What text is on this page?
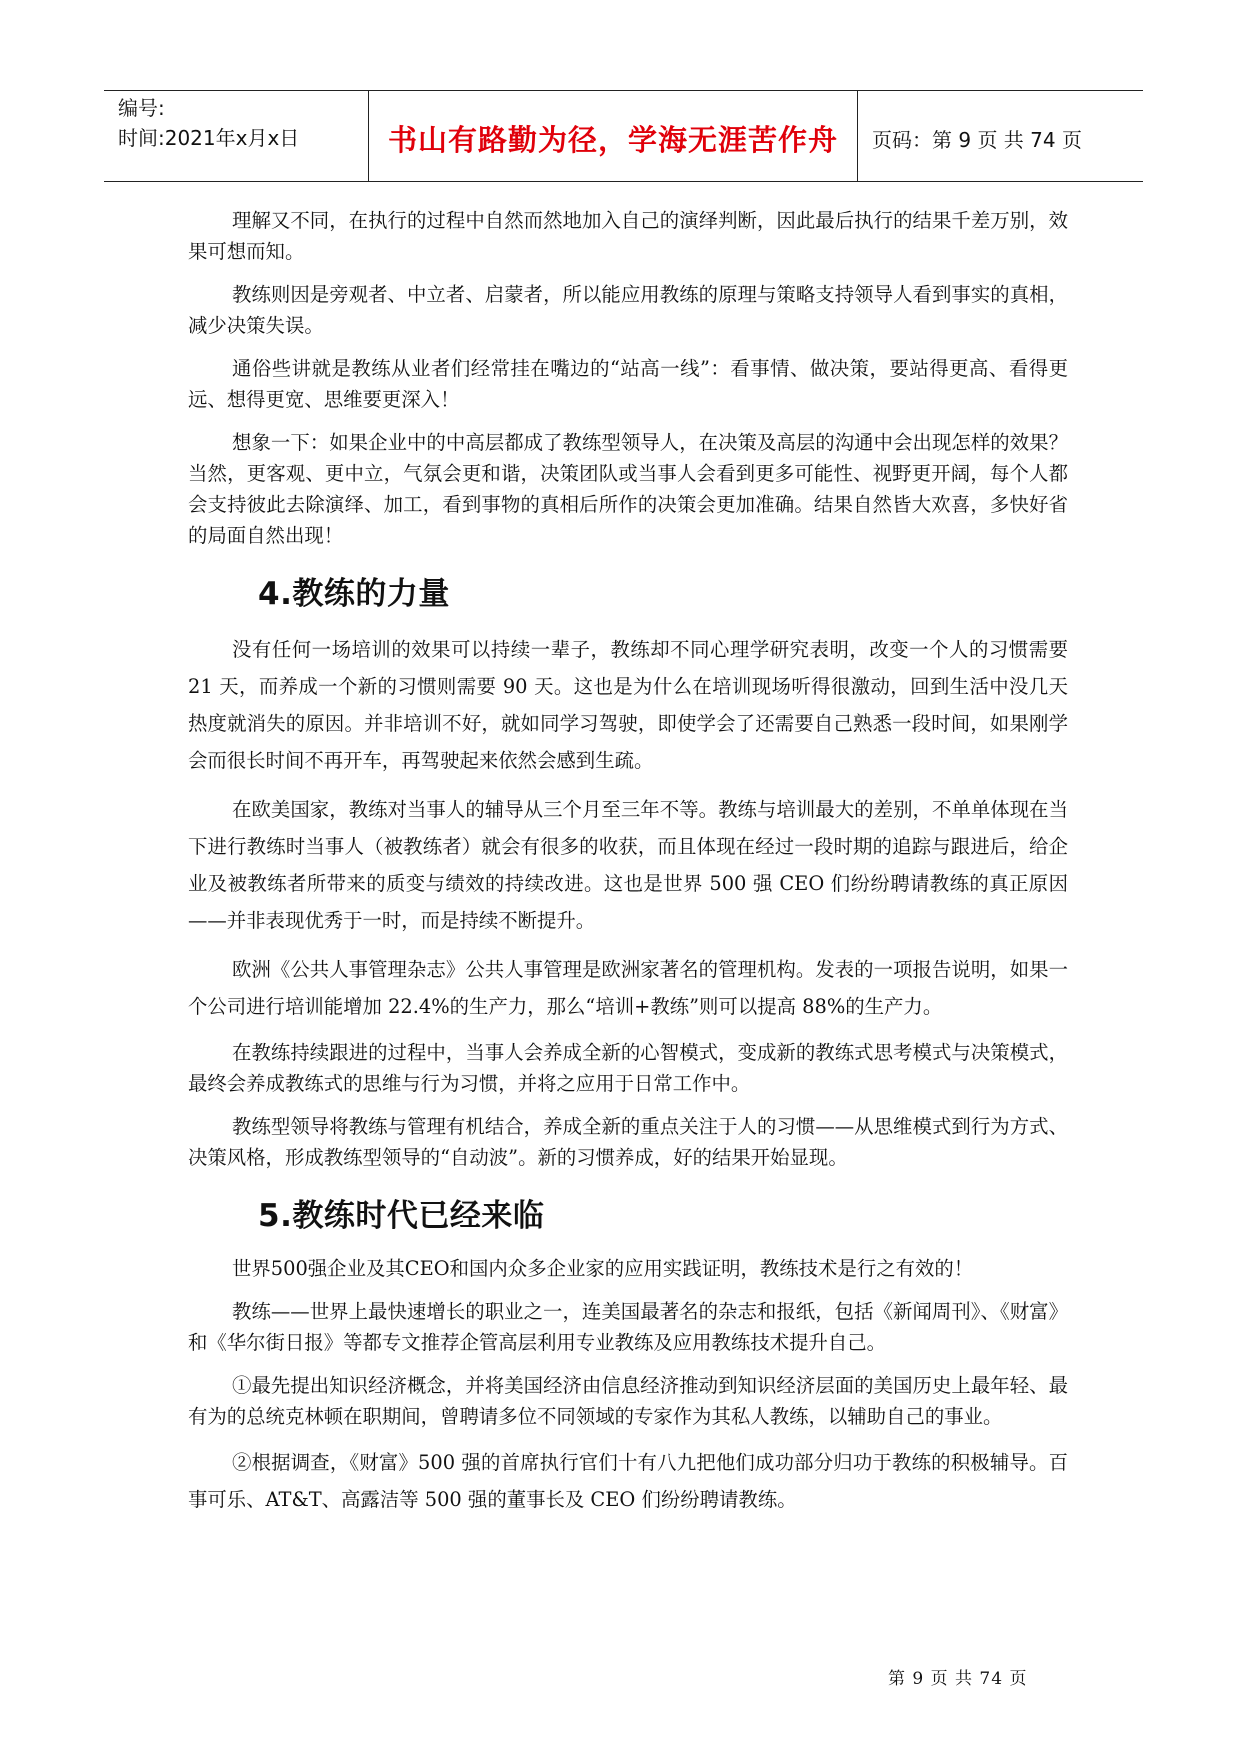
编号:
时间:2021年x月x日	书山有路勤为径，学海无涯苦作舟	页码：第 9 页 共 74 页

理解又不同，在执行的过程中自然而然地加入自己的演绎判断，因此最后执行的结果千差万别，效果可想而知。

教练则因是旁观者、中立者、启蒙者，所以能应用教练的原理与策略支持领导人看到事实的真相，减少决策失误。

通俗些讲就是教练从业者们经常挂在嘴边的“站高一线”：看事情、做决策，要站得更高、看得更远、想得更宽、思维要更深入！

想象一下：如果企业中的中高层都成了教练型领导人，在决策及高层的沟通中会出现怎样的效果？当然，更客观、更中立，气氛会更和谐，决策团队或当事人会看到更多可能性、视野更开阔，每个人都会支持彼此去除演绎、加工，看到事物的真相后所作的决策会更加准确。结果自然皆大欢喜，多快好省的局面自然出现！

4.教练的力量

没有任何一场培训的效果可以持续一辈子，教练却不同心理学研究表明，改变一个人的习惯需要 21 天，而养成一个新的习惯则需要 90 天。这也是为什么在培训现场听得很激动，回到生活中没几天热度就消失的原因。并非培训不好，就如同学习驾驶，即使学会了还需要自己熟悉一段时间，如果刚学会而很长时间不再开车，再驾驶起来依然会感到生疏。

在欧美国家，教练对当事人的辅导从三个月至三年不等。教练与培训最大的差别，不单单体现在当下进行教练时当事人（被教练者）就会有很多的收获，而且体现在经过一段时期的追踪与跟进后，给企业及被教练者所带来的质变与绩效的持续改进。这也是世界 500 强 CEO 们纷纷聘请教练的真正原因——并非表现优秀于一时，而是持续不断提升。

欧洲《公共人事管理杂志》公共人事管理是欧洲家著名的管理机构。发表的一项报告说明，如果一个公司进行培训能增加 22.4%的生产力，那么“培训+教练”则可以提高 88%的生产力。

在教练持续跟进的过程中，当事人会养成全新的心智模式，变成新的教练式思考模式与决策模式，最终会养成教练式的思维与行为习惯，并将之应用于日常工作中。

教练型领导将教练与管理有机结合，养成全新的重点关注于人的习惯——从思维模式到行为方式、决策风格，形成教练型领导的“自动波”。新的习惯养成，好的结果开始显现。

5.教练时代已经来临

世界500强企业及其CEO和国内众多企业家的应用实践证明，教练技术是行之有效的！

教练——世界上最快速增长的职业之一，连美国最著名的杂志和报纸，包括《新闻周刊》、《财富》和《华尔街日报》等都专文推荐企管高层利用专业教练及应用教练技术提升自己。

①最先提出知识经济概念，并将美国经济由信息经济推动到知识经济层面的美国历史上最年轻、最有为的总统克林顿在职期间，曾聘请多位不同领域的专家作为其私人教练，以辅助自己的事业。

②根据调查，《财富》500 强的首席执行官们十有八九把他们成功部分归功于教练的积极辅导。百事可乐、AT&T、高露洁等 500 强的董事长及 CEO 们纷纷聘请教练。

第 9 页 共 74 页
